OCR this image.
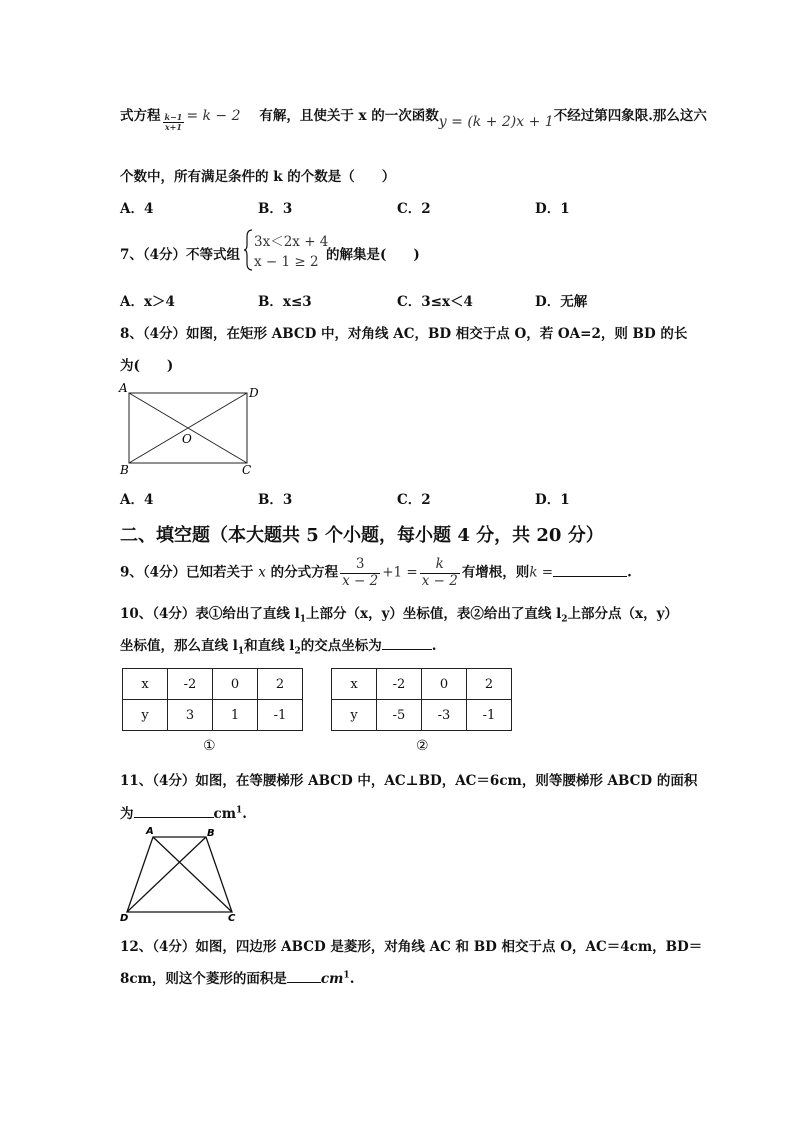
式方程 $\frac{k-1}{x+1} = k - 2$ 有解，且使关于 x 的一次函数y = (k + 2)x + 1不经过第四象限.那么这六
个数中，所有满足条件的 k 的个数是（　　）
A．4	B．3	C．2	D．1
7、（4分）不等式组
3x＜2x + 4
x − 1 ≥ 2 的解集是(　　)
A．x＞4	B．x≤3	C．3≤x＜4	D．无解
8、（4分）如图，在矩形 ABCD 中，对角线 AC，BD 相交于点 O，若 OA=2，则 BD 的长
为(　　)
A	D
O
B	C
A．4	B．3	C．2	D．1
二、填空题（本大题共 5 个小题，每小题 4 分，共 20 分）
9、（4分）已知若关于 x 的分式方程 $\frac{3}{x - 2} +1 = \frac{k}{x - 2}$ 有增根，则k =	.
10、（4分）表①给出了直线 $l_1$上部分（x，y）坐标值，表②给出了直线 $l_2$上部分点（x，y）
坐标值，那么直线 $l_1$和直线 $l_2$的交点坐标为	.
x	-2	0	2
y	3	1	-1
①
x	-2	0	2
y	-5	-3	-1
②
11、（4分）如图，在等腰梯形 ABCD 中，AC⊥BD，AC＝6cm，则等腰梯形 ABCD 的面积
为	$cm^1$.
A	B
D	C
12、（4分）如图，四边形 ABCD 是菱形，对角线 AC 和 BD 相交于点 O，AC＝4cm，BD＝
8cm，则这个菱形的面积是	$cm^1$.
